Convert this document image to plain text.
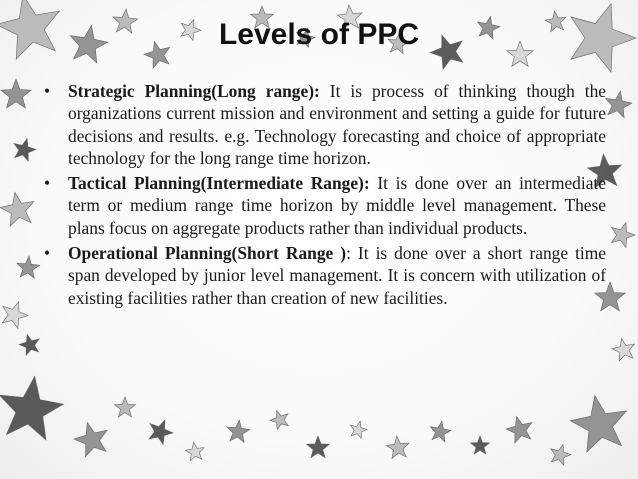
Levels of PPC

•	Strategic Planning(Long range): It is process of thinking though the organizations current mission and environment and setting a guide for future decisions and results. e.g. Technology forecasting and choice of appropriate technology for the long range time horizon.

•	Tactical Planning(Intermediate Range): It is done over an intermediate term or medium range time horizon by middle level management. These plans focus on aggregate products rather than individual products.

•	Operational Planning(Short Range ): It is done over a short range time span developed by junior level management. It is concern with utilization of existing facilities rather than creation of new facilities.
